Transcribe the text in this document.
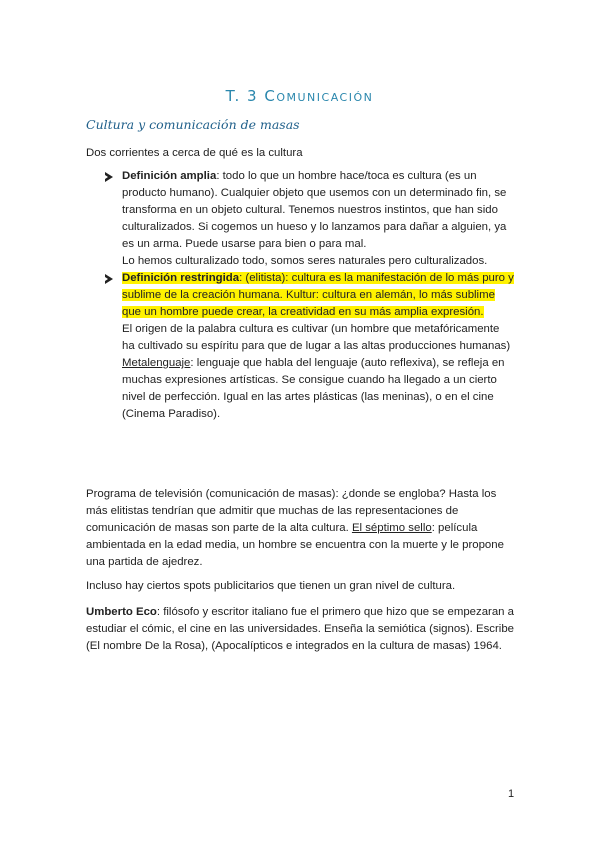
T. 3 Comunicación
Cultura y comunicación de masas
Dos corrientes a cerca de qué es la cultura
Definición amplia: todo lo que un hombre hace/toca es cultura (es un producto humano). Cualquier objeto que usemos con un determinado fin, se transforma en un objeto cultural. Tenemos nuestros instintos, que han sido culturalizados. Si cogemos un hueso y lo lanzamos para dañar a alguien, ya es un arma. Puede usarse para bien o para mal.
Lo hemos culturalizado todo, somos seres naturales pero culturalizados.
Definición restringida: (elitista): cultura es la manifestación de lo más puro y sublime de la creación humana. Kultur: cultura en alemán, lo más sublime que un hombre puede crear, la creatividad en su más amplia expresión.
El origen de la palabra cultura es cultivar (un hombre que metafóricamente ha cultivado su espíritu para que de lugar a las altas producciones humanas)
Metalenguaje: lenguaje que habla del lenguaje (auto reflexiva), se refleja en muchas expresiones artísticas. Se consigue cuando ha llegado a un cierto nivel de perfección. Igual en las artes plásticas (las meninas), o en el cine (Cinema Paradiso).
Programa de televisión (comunicación de masas): ¿donde se engloba? Hasta los más elitistas tendrían que admitir que muchas de las representaciones de comunicación de masas son parte de la alta cultura. El séptimo sello: película ambientada en la edad media, un hombre se encuentra con la muerte y le propone una partida de ajedrez.
Incluso hay ciertos spots publicitarios que tienen un gran nivel de cultura.
Umberto Eco: filósofo y escritor italiano fue el primero que hizo que se empezaran a estudiar el cómic, el cine en las universidades. Enseña la semiótica (signos). Escribe (El nombre De la Rosa), (Apocalípticos e integrados en la cultura de masas) 1964.
1
